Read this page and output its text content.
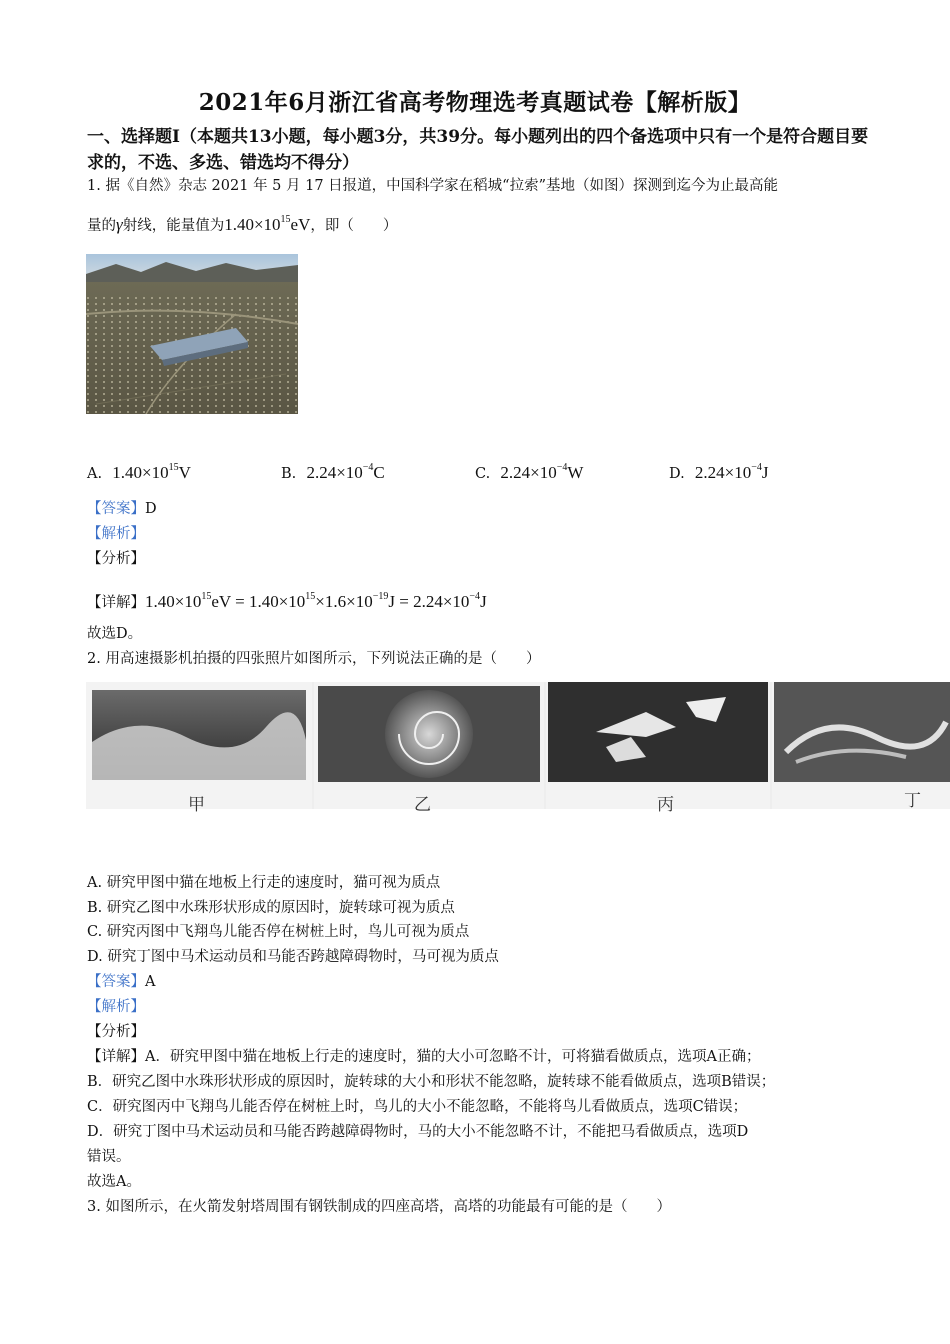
2021年6月浙江省高考物理选考真题试卷【解析版】
一、选择题Ⅰ（本题共13小题，每小题3分，共39分。每小题列出的四个备选项中只有一个是符合题目要求的，不选、多选、错选均不得分）
1. 据《自然》杂志 2021 年 5 月 17 日报道，中国科学家在稻城“拉索”基地（如图）探测到迄今为止最高能
量的γ射线，能量值为$1.40\times 10^{15}eV$，即（　　）
A. $1.40\times 10^{15}V$	B. $2.24\times 10^{-4}C$	C. $2.24\times 10^{-4}W$	D. $2.24\times 10^{-4}J$
【答案】D
【解析】
【分析】
【详解】$1.40\times 10^{15}eV = 1.40\times 10^{15}\times 1.6\times 10^{-19}J = 2.24\times 10^{-4}J$
故选D。
2. 用高速摄影机拍摄的四张照片如图所示，下列说法正确的是（　　）
甲	乙	丙	丁
A. 研究甲图中猫在地板上行走的速度时，猫可视为质点
B. 研究乙图中水珠形状形成的原因时，旋转球可视为质点
C. 研究丙图中飞翔鸟儿能否停在树桩上时，鸟儿可视为质点
D. 研究丁图中马术运动员和马能否跨越障碍物时，马可视为质点
【答案】A
【解析】
【分析】
【详解】A．研究甲图中猫在地板上行走的速度时，猫的大小可忽略不计，可将猫看做质点，选项A正确；
B．研究乙图中水珠形状形成的原因时，旋转球的大小和形状不能忽略，旋转球不能看做质点，选项B错误；
C．研究图丙中飞翔鸟儿能否停在树桩上时，鸟儿的大小不能忽略，不能将鸟儿看做质点，选项C错误；
D．研究丁图中马术运动员和马能否跨越障碍物时，马的大小不能忽略不计，不能把马看做质点，选项D
错误。
故选A。
3. 如图所示，在火箭发射塔周围有钢铁制成的四座高塔，高塔的功能最有可能的是（　　）
